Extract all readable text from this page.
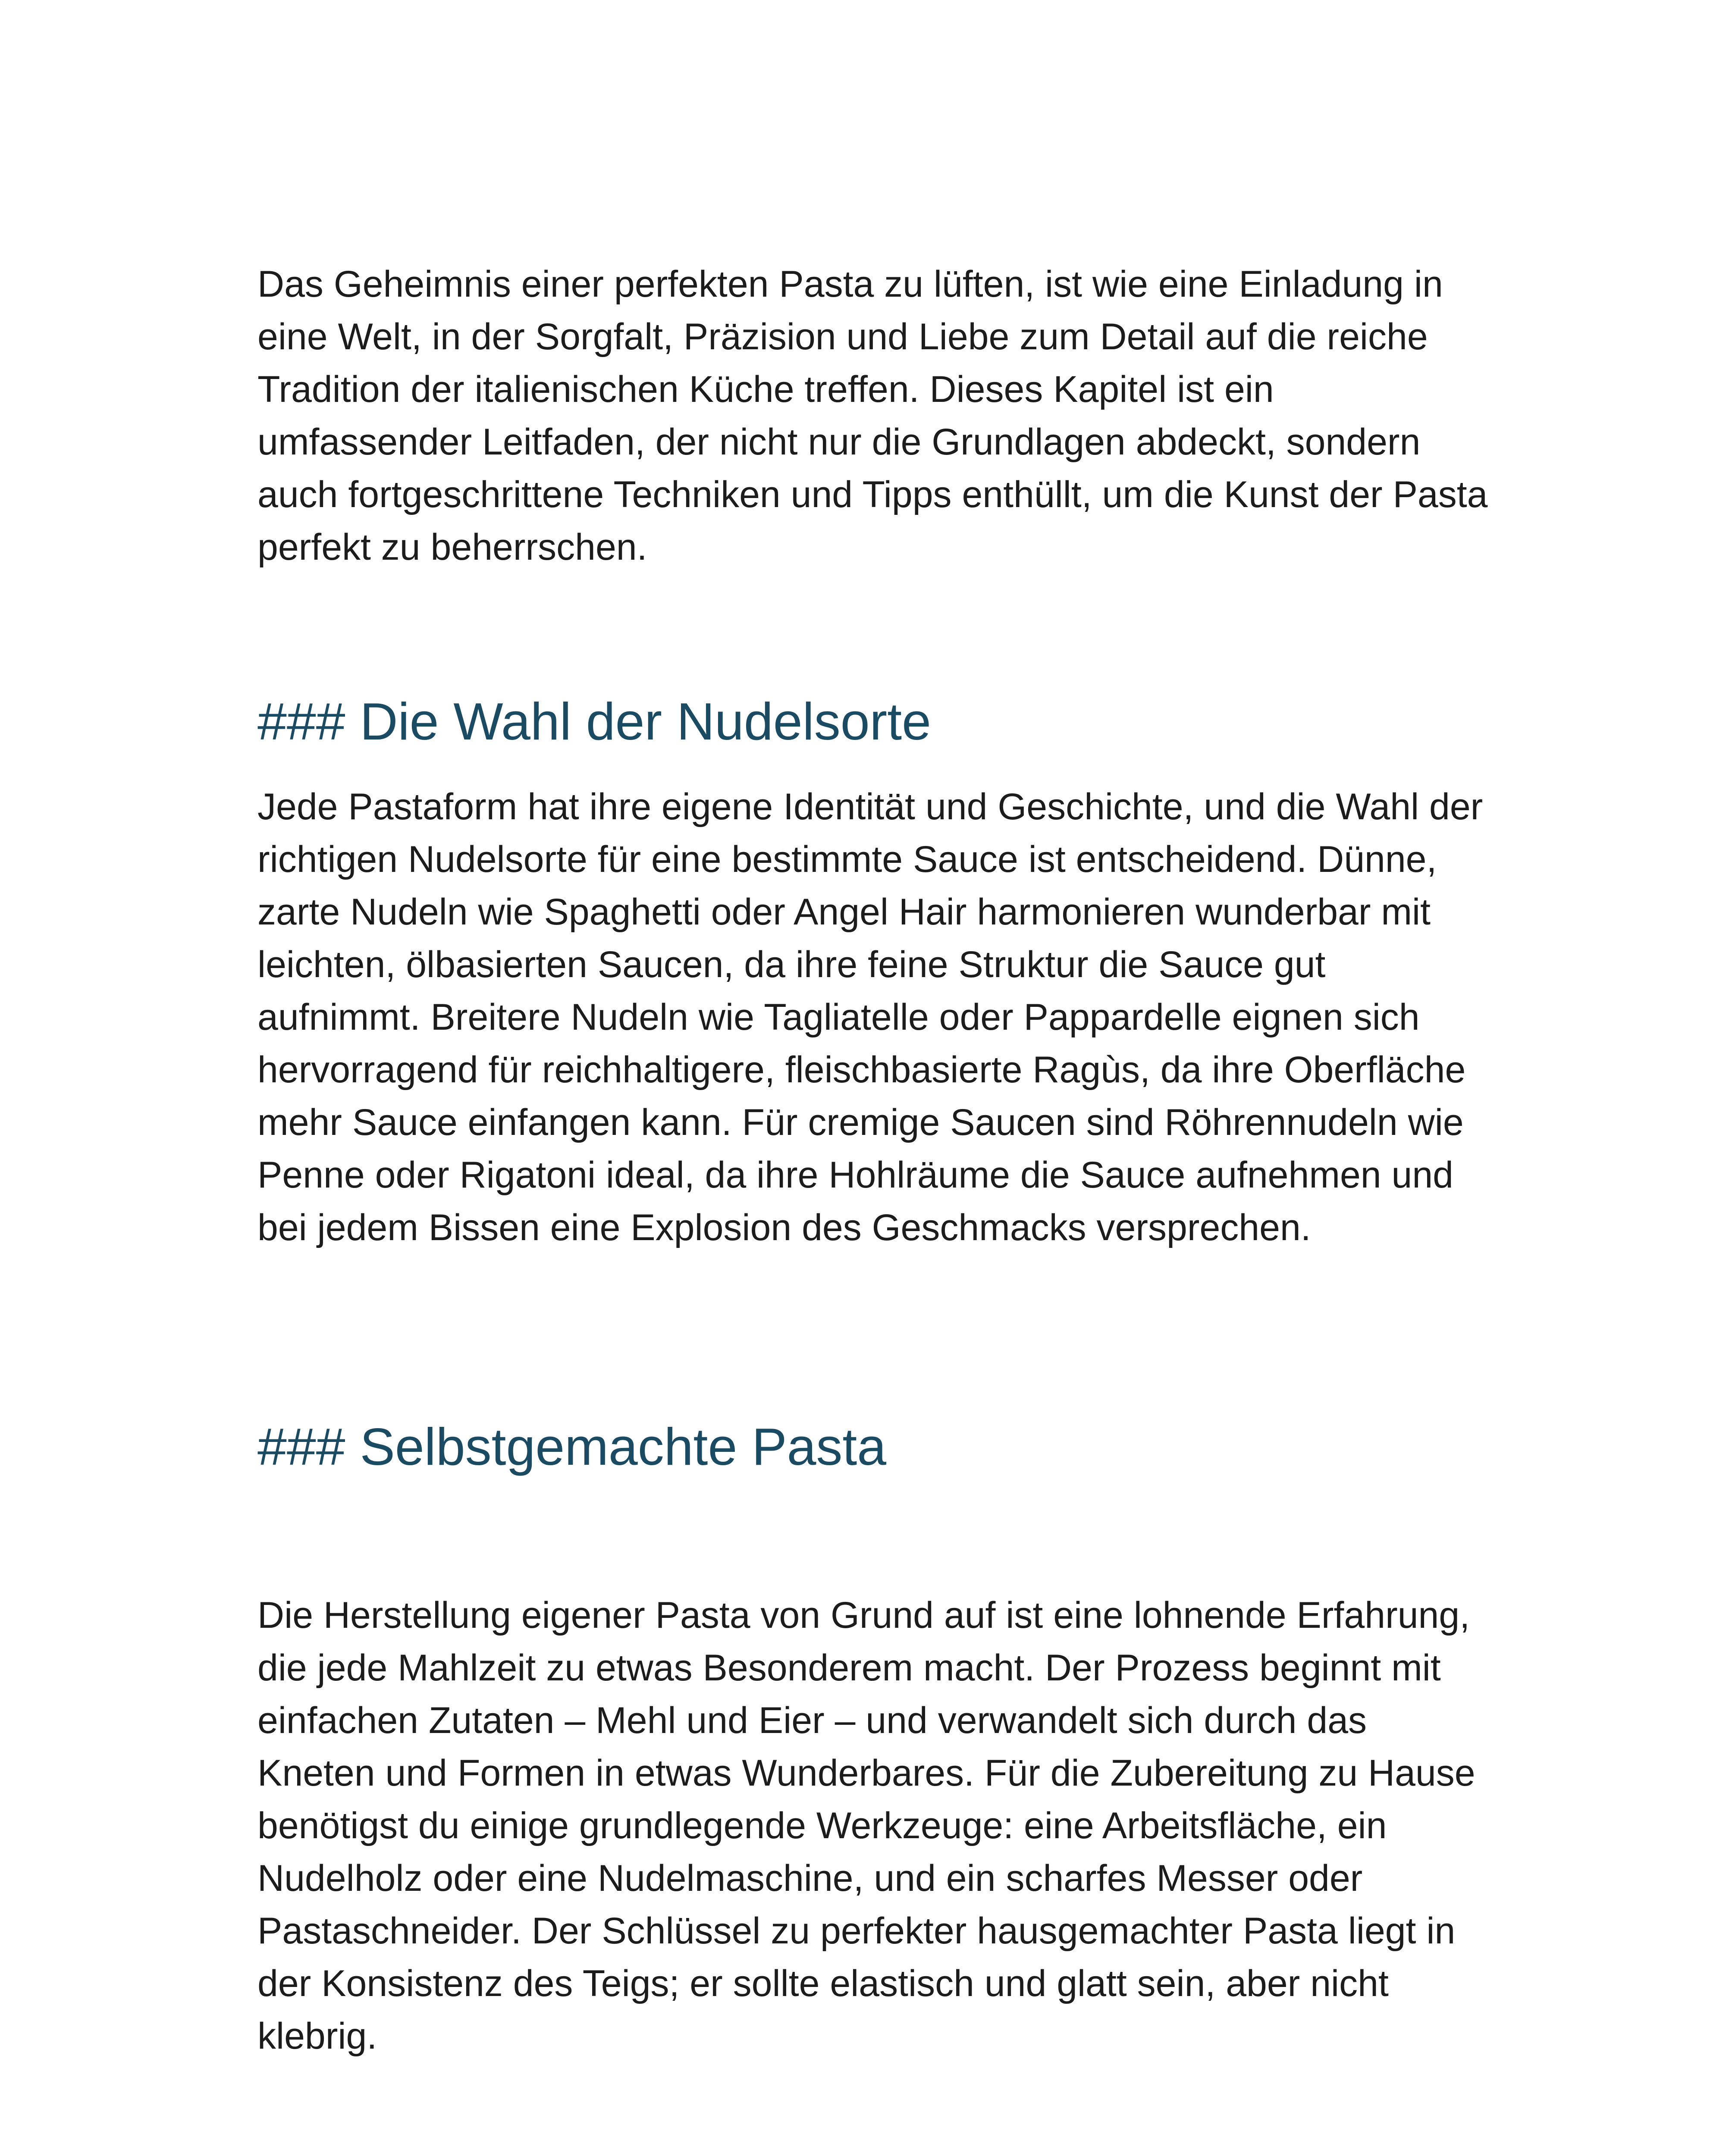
Das Geheimnis einer perfekten Pasta zu lüften, ist wie eine Einladung in eine Welt, in der Sorgfalt, Präzision und Liebe zum Detail auf die reiche Tradition der italienischen Küche treffen. Dieses Kapitel ist ein umfassender Leitfaden, der nicht nur die Grundlagen abdeckt, sondern auch fortgeschrittene Techniken und Tipps enthüllt, um die Kunst der Pasta perfekt zu beherrschen.

### Die Wahl der Nudelsorte

Jede Pastaform hat ihre eigene Identität und Geschichte, und die Wahl der richtigen Nudelsorte für eine bestimmte Sauce ist entscheidend. Dünne, zarte Nudeln wie Spaghetti oder Angel Hair harmonieren wunderbar mit leichten, ölbasierten Saucen, da ihre feine Struktur die Sauce gut aufnimmt. Breitere Nudeln wie Tagliatelle oder Pappardelle eignen sich hervorragend für reichhaltigere, fleischbasierte Ragùs, da ihre Oberfläche mehr Sauce einfangen kann. Für cremige Saucen sind Röhrennudeln wie Penne oder Rigatoni ideal, da ihre Hohlräume die Sauce aufnehmen und bei jedem Bissen eine Explosion des Geschmacks versprechen.

### Selbstgemachte Pasta

Die Herstellung eigener Pasta von Grund auf ist eine lohnende Erfahrung, die jede Mahlzeit zu etwas Besonderem macht. Der Prozess beginnt mit einfachen Zutaten – Mehl und Eier – und verwandelt sich durch das Kneten und Formen in etwas Wunderbares. Für die Zubereitung zu Hause benötigst du einige grundlegende Werkzeuge: eine Arbeitsfläche, ein Nudelholz oder eine Nudelmaschine, und ein scharfes Messer oder Pastaschneider. Der Schlüssel zu perfekter hausgemachter Pasta liegt in der Konsistenz des Teigs; er sollte elastisch und glatt sein, aber nicht klebrig.
